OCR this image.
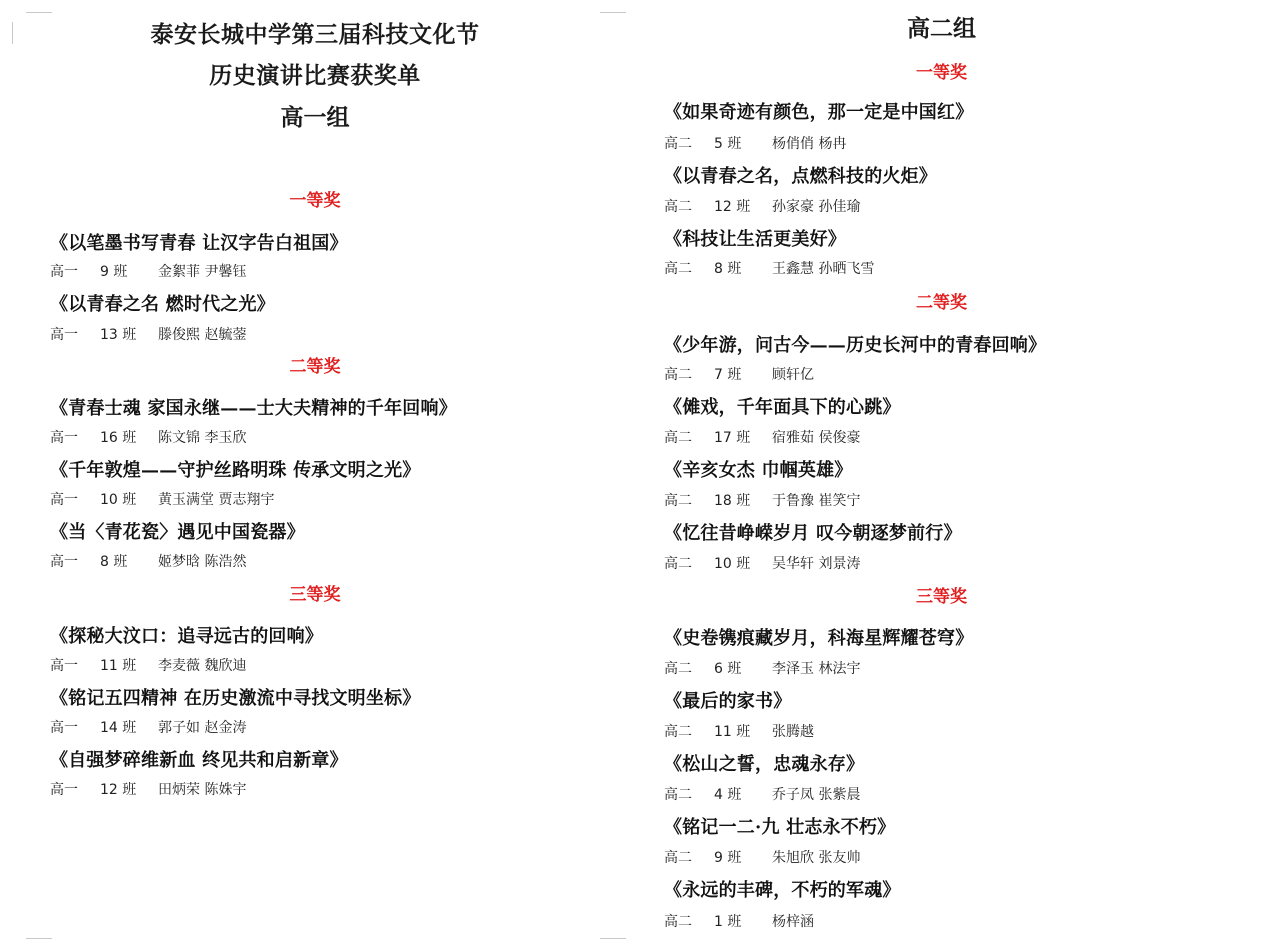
泰安长城中学第三届科技文化节
历史演讲比赛获奖单
高一组
一等奖
《以笔墨书写青春 让汉字告白祖国》
高一 9 班 金絮菲 尹馨钰
《以青春之名 燃时代之光》
高一 13 班 滕俊熙 赵毓蓥
二等奖
《青春士魂 家国永继——士大夫精神的千年回响》
高一 16 班 陈文锦 李玉欣
《千年敦煌——守护丝路明珠 传承文明之光》
高一 10 班 黄玉满堂 贾志翔宇
《当〈青花瓷〉遇见中国瓷器》
高一 8 班 姬梦晗 陈浩然
三等奖
《探秘大汶口：追寻远古的回响》
高一 11 班 李麦薇 魏欣迪
《铭记五四精神 在历史激流中寻找文明坐标》
高一 14 班 郭子如 赵金涛
《自强梦碎维新血 终见共和启新章》
高一 12 班 田炳荣 陈姝宇
高二组
一等奖
《如果奇迹有颜色，那一定是中国红》
高二 5 班 杨俏俏 杨冉
《以青春之名，点燃科技的火炬》
高二 12 班 孙家豪 孙佳瑜
《科技让生活更美好》
高二 8 班 王鑫慧 孙晒飞雪
二等奖
《少年游，问古今——历史长河中的青春回响》
高二 7 班 顾轩亿
《傩戏，千年面具下的心跳》
高二 17 班 宿雅茹 侯俊豪
《辛亥女杰 巾帼英雄》
高二 18 班 于鲁豫 崔笑宁
《忆往昔峥嵘岁月 叹今朝逐梦前行》
高二 10 班 吴华轩 刘景涛
三等奖
《史卷镌痕藏岁月，科海星辉耀苍穹》
高二 6 班 李泽玉 林法宇
《最后的家书》
高二 11 班 张腾越
《松山之誓，忠魂永存》
高二 4 班 乔子凤 张紫晨
《铭记一二·九 壮志永不朽》
高二 9 班 朱旭欣 张友帅
《永远的丰碑，不朽的军魂》
高二 1 班 杨梓涵
